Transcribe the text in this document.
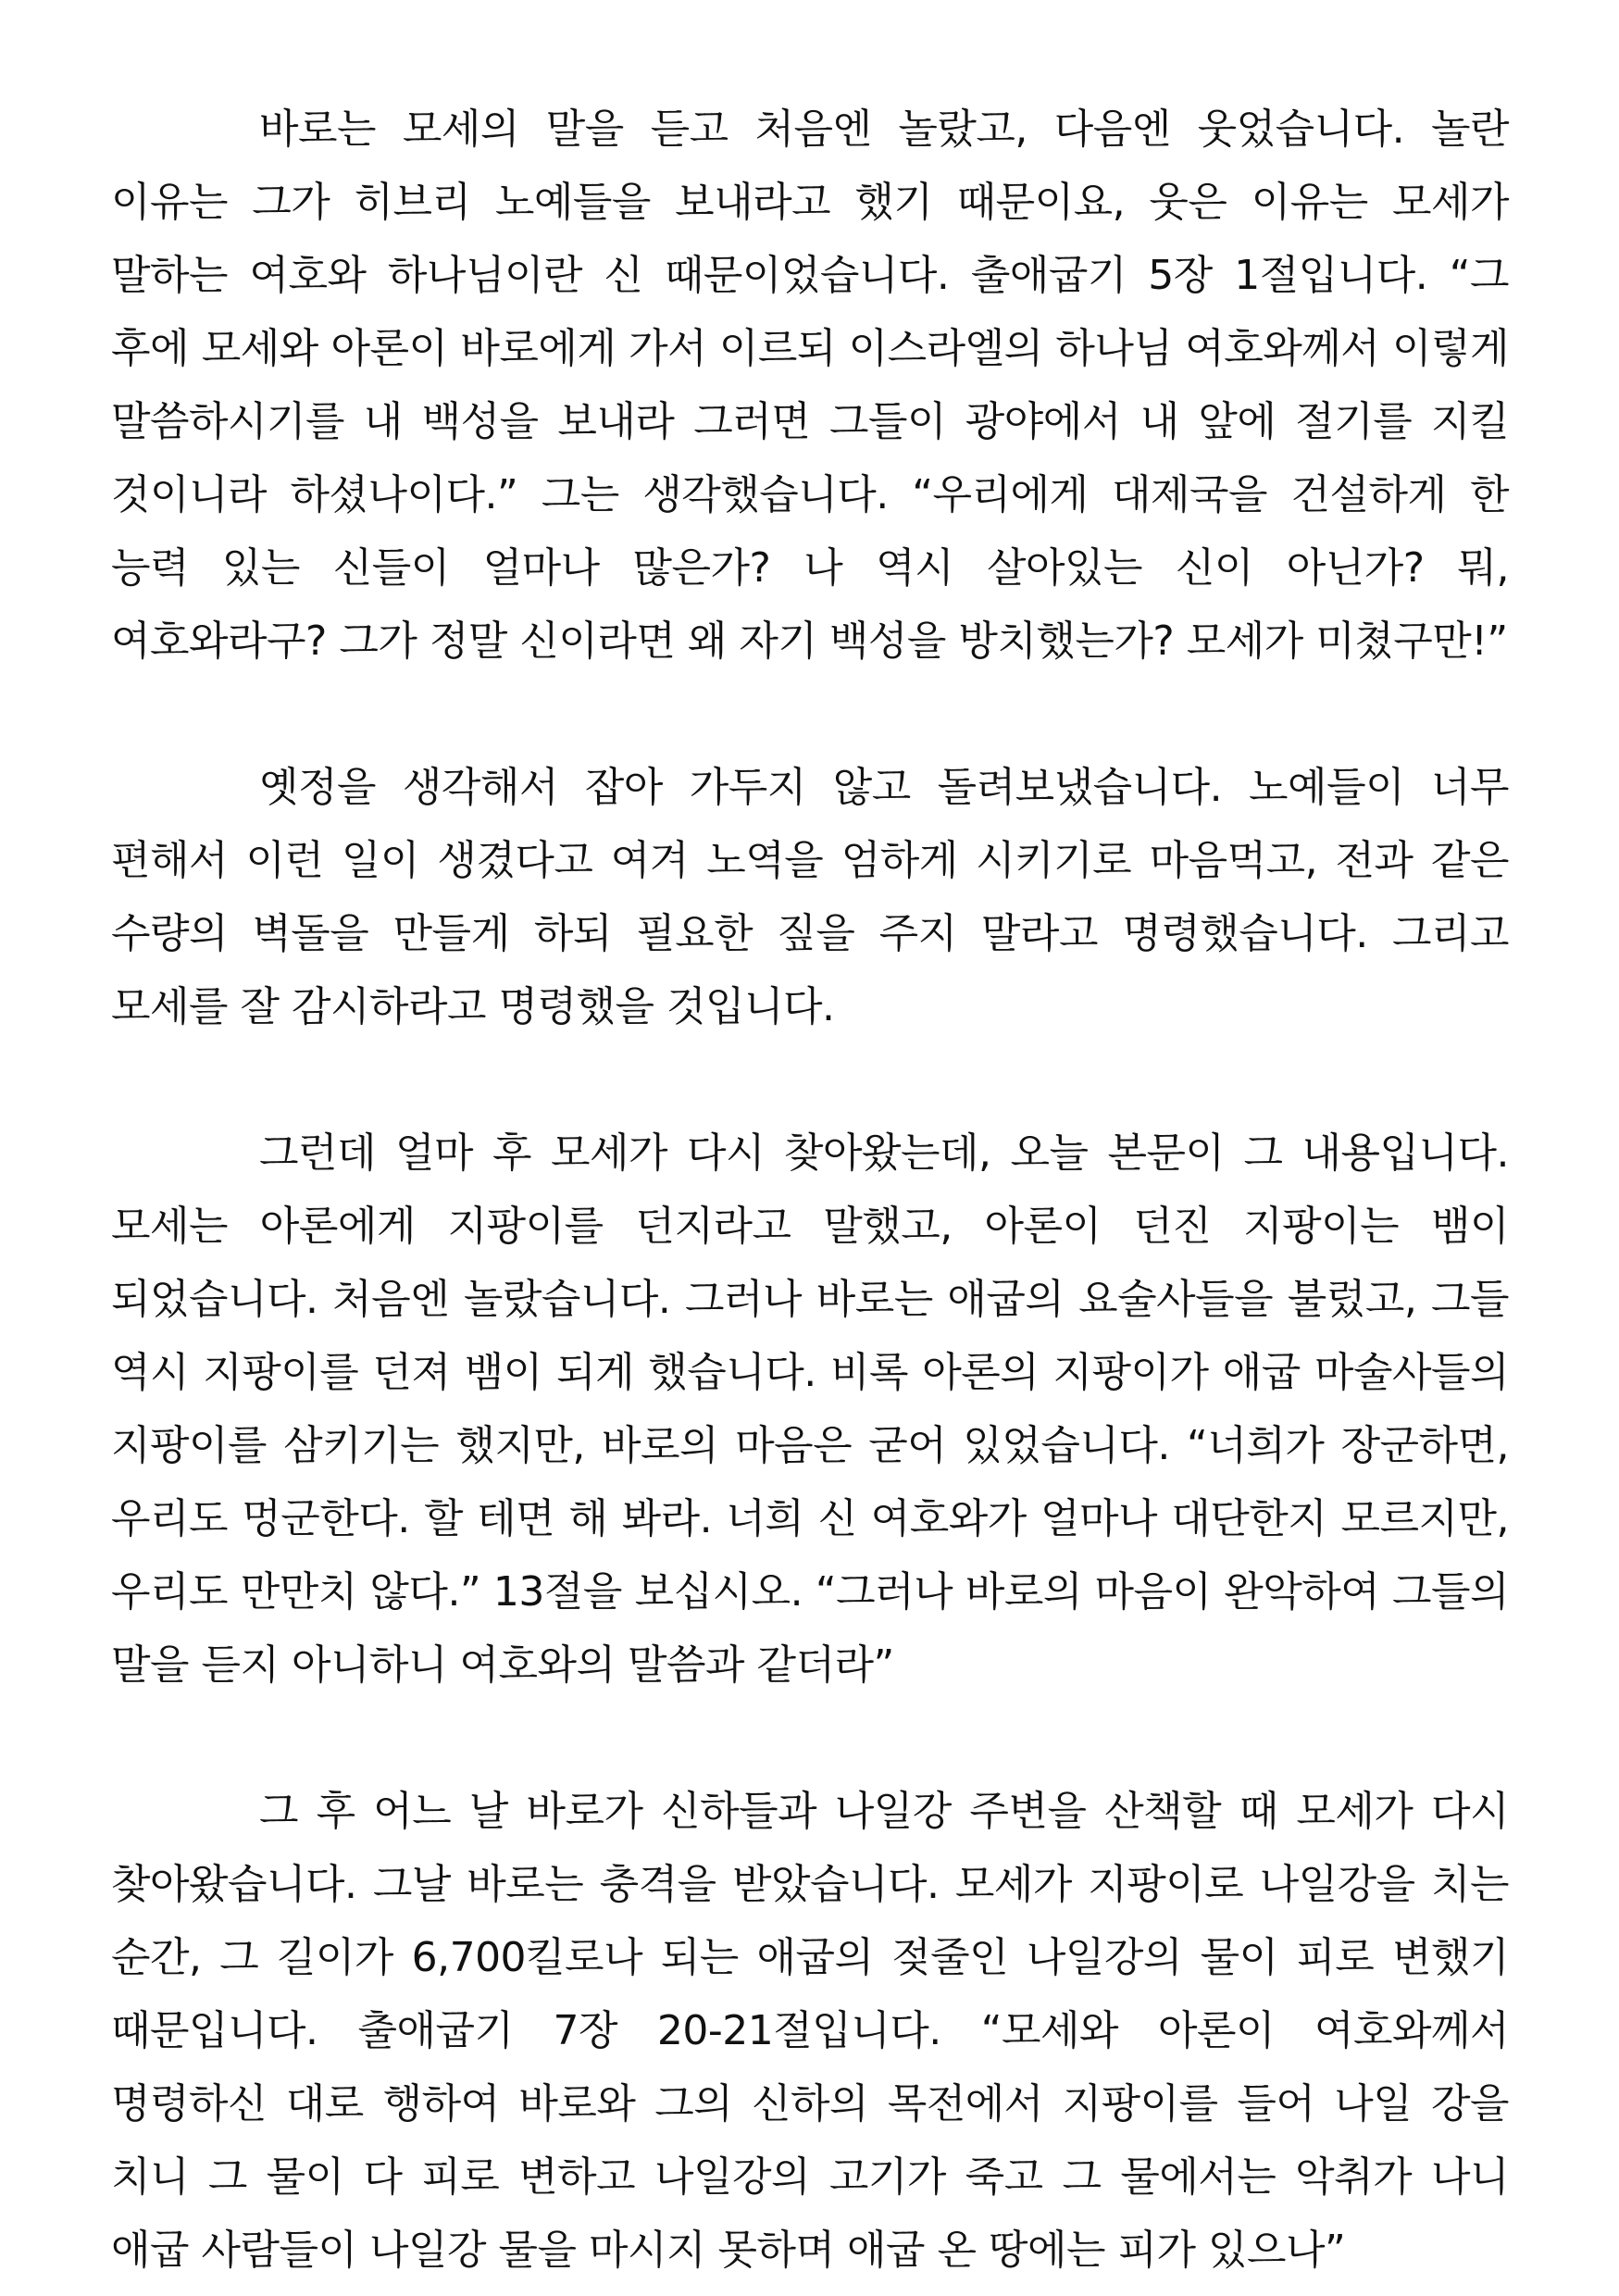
바로는 모세의 말을 듣고 처음엔 놀랐고, 다음엔 웃었습니다. 놀란 이유는 그가 히브리 노예들을 보내라고 했기 때문이요, 웃은 이유는 모세가 말하는 여호와 하나님이란 신 때문이었습니다. 출애굽기 5장 1절입니다. “그 후에 모세와 아론이 바로에게 가서 이르되 이스라엘의 하나님 여호와께서 이렇게 말씀하시기를 내 백성을 보내라 그러면 그들이 광야에서 내 앞에 절기를 지킬 것이니라 하셨나이다.” 그는 생각했습니다. “우리에게 대제국을 건설하게 한 능력 있는 신들이 얼마나 많은가? 나 역시 살아있는 신이 아닌가? 뭐, 여호와라구? 그가 정말 신이라면 왜 자기 백성을 방치했는가? 모세가 미쳤구만!”

옛정을 생각해서 잡아 가두지 않고 돌려보냈습니다. 노예들이 너무 편해서 이런 일이 생겼다고 여겨 노역을 엄하게 시키기로 마음먹고, 전과 같은 수량의 벽돌을 만들게 하되 필요한 짚을 주지 말라고 명령했습니다. 그리고 모세를 잘 감시하라고 명령했을 것입니다.

그런데 얼마 후 모세가 다시 찾아왔는데, 오늘 본문이 그 내용입니다. 모세는 아론에게 지팡이를 던지라고 말했고, 아론이 던진 지팡이는 뱀이 되었습니다. 처음엔 놀랐습니다. 그러나 바로는 애굽의 요술사들을 불렀고, 그들 역시 지팡이를 던져 뱀이 되게 했습니다. 비록 아론의 지팡이가 애굽 마술사들의 지팡이를 삼키기는 했지만, 바로의 마음은 굳어 있었습니다. “너희가 장군하면, 우리도 멍군한다. 할 테면 해 봐라. 너희 신 여호와가 얼마나 대단한지 모르지만, 우리도 만만치 않다.” 13절을 보십시오. “그러나 바로의 마음이 완악하여 그들의 말을 듣지 아니하니 여호와의 말씀과 같더라”

그 후 어느 날 바로가 신하들과 나일강 주변을 산책할 때 모세가 다시 찾아왔습니다. 그날 바로는 충격을 받았습니다. 모세가 지팡이로 나일강을 치는 순간, 그 길이가 6,700킬로나 되는 애굽의 젖줄인 나일강의 물이 피로 변했기 때문입니다. 출애굽기 7장 20-21절입니다. “모세와 아론이 여호와께서 명령하신 대로 행하여 바로와 그의 신하의 목전에서 지팡이를 들어 나일 강을 치니 그 물이 다 피로 변하고 나일강의 고기가 죽고 그 물에서는 악취가 나니 애굽 사람들이 나일강 물을 마시지 못하며 애굽 온 땅에는 피가 있으나”
